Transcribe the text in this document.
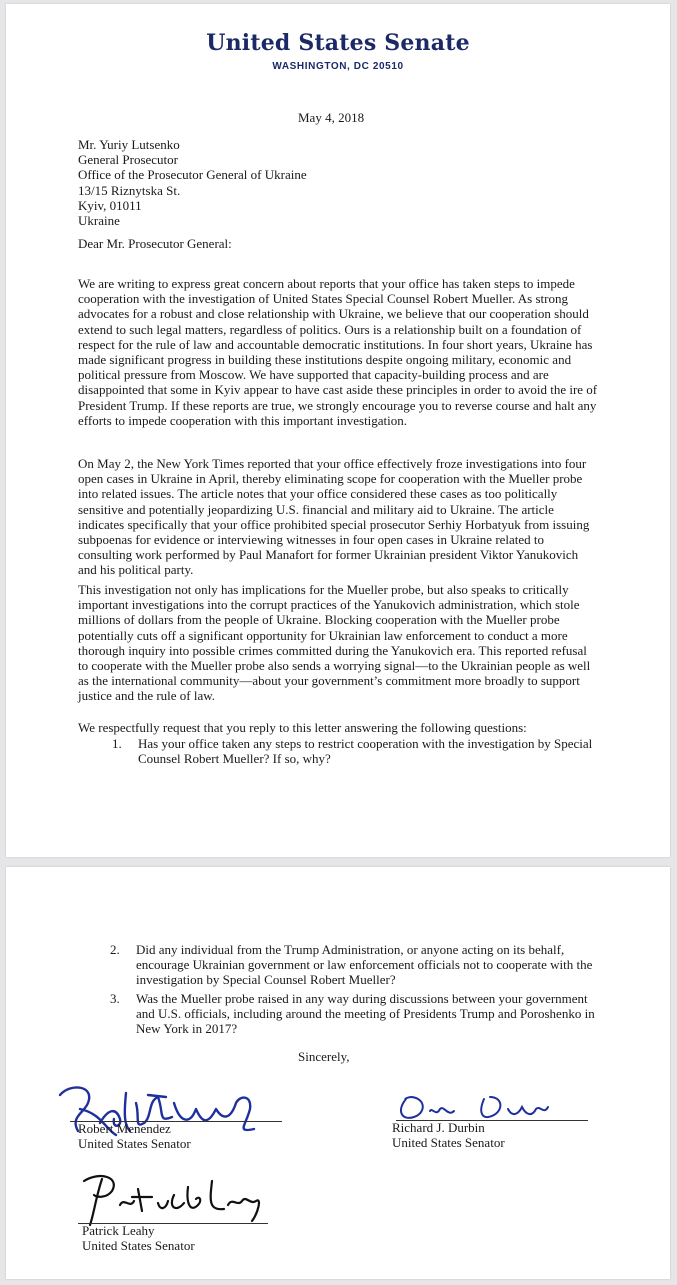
United States Senate
WASHINGTON, DC 20510
May 4, 2018
Mr. Yuriy Lutsenko
General Prosecutor
Office of the Prosecutor General of Ukraine
13/15 Riznytska St.
Kyiv, 01011
Ukraine
Dear Mr. Prosecutor General:
We are writing to express great concern about reports that your office has taken steps to impede cooperation with the investigation of United States Special Counsel Robert Mueller. As strong advocates for a robust and close relationship with Ukraine, we believe that our cooperation should extend to such legal matters, regardless of politics. Ours is a relationship built on a foundation of respect for the rule of law and accountable democratic institutions. In four short years, Ukraine has made significant progress in building these institutions despite ongoing military, economic and political pressure from Moscow. We have supported that capacity-building process and are disappointed that some in Kyiv appear to have cast aside these principles in order to avoid the ire of President Trump. If these reports are true, we strongly encourage you to reverse course and halt any efforts to impede cooperation with this important investigation.
On May 2, the New York Times reported that your office effectively froze investigations into four open cases in Ukraine in April, thereby eliminating scope for cooperation with the Mueller probe into related issues. The article notes that your office considered these cases as too politically sensitive and potentially jeopardizing U.S. financial and military aid to Ukraine. The article indicates specifically that your office prohibited special prosecutor Serhiy Horbatyuk from issuing subpoenas for evidence or interviewing witnesses in four open cases in Ukraine related to consulting work performed by Paul Manafort for former Ukrainian president Viktor Yanukovich and his political party.
This investigation not only has implications for the Mueller probe, but also speaks to critically important investigations into the corrupt practices of the Yanukovich administration, which stole millions of dollars from the people of Ukraine. Blocking cooperation with the Mueller probe potentially cuts off a significant opportunity for Ukrainian law enforcement to conduct a more thorough inquiry into possible crimes committed during the Yanukovich era. This reported refusal to cooperate with the Mueller probe also sends a worrying signal—to the Ukrainian people as well as the international community—about your government’s commitment more broadly to support justice and the rule of law.
We respectfully request that you reply to this letter answering the following questions:
1. Has your office taken any steps to restrict cooperation with the investigation by Special Counsel Robert Mueller? If so, why?
2. Did any individual from the Trump Administration, or anyone acting on its behalf, encourage Ukrainian government or law enforcement officials not to cooperate with the investigation by Special Counsel Robert Mueller?
3. Was the Mueller probe raised in any way during discussions between your government and U.S. officials, including around the meeting of Presidents Trump and Poroshenko in New York in 2017?
Sincerely,
Robert Menendez
United States Senator
Richard J. Durbin
United States Senator
Patrick Leahy
United States Senator
